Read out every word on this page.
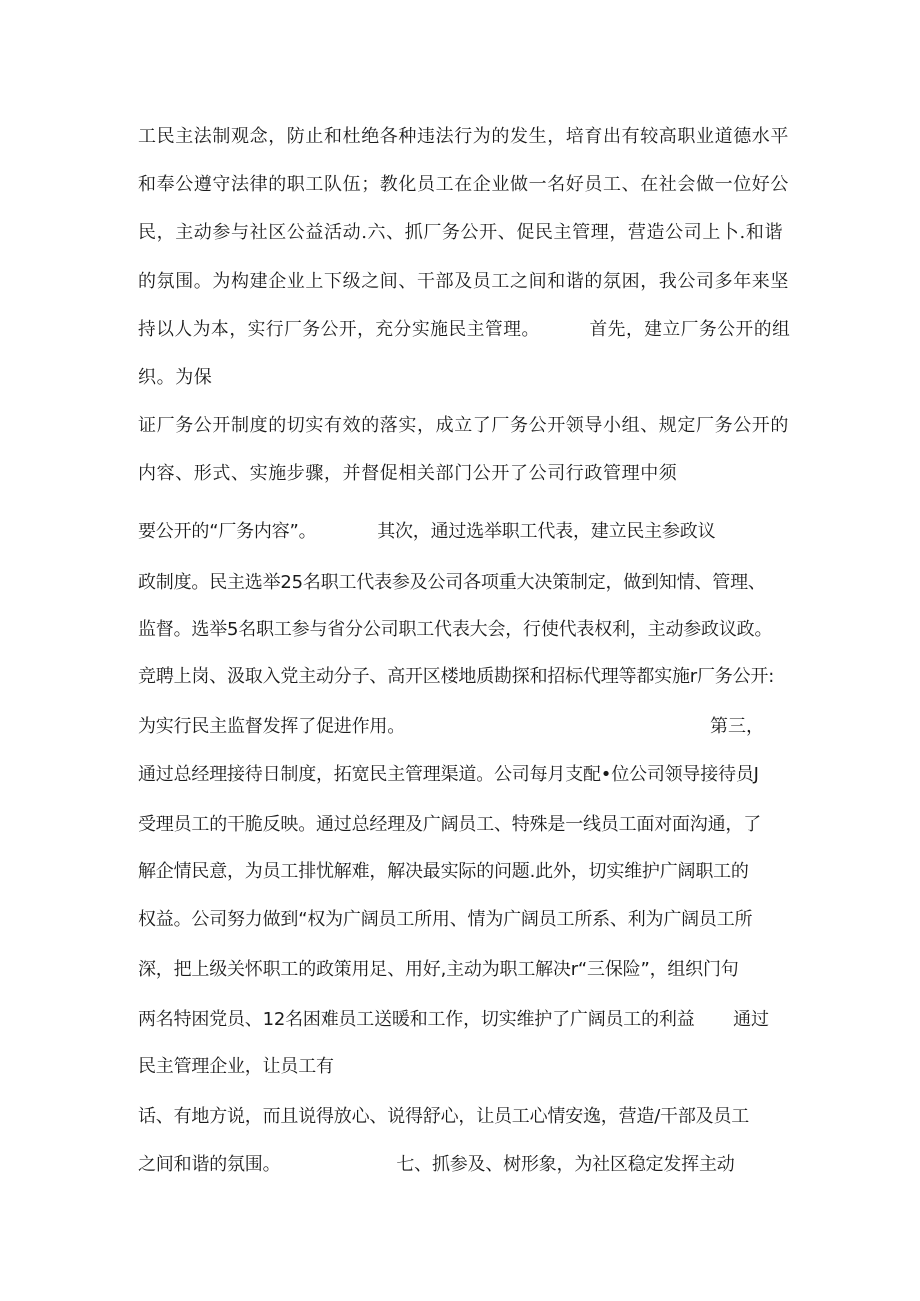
工民主法制观念，防止和杜绝各种违法行为的发生，培育出有较高职业道德水平
和奉公遵守法律的职工队伍；教化员工在企业做一名好员工、在社会做一位好公
民，主动参与社区公益活动.六、抓厂务公开、促民主管理，营造公司上卜.和谐
的氛围。为构建企业上下级之间、干部及员工之间和谐的氛困，我公司多年来坚
持以人为本，实行厂务公开，充分实施民主管理。        首先，建立厂务公开的组
织。为保
证厂务公开制度的切实有效的落实，成立了厂务公开领导小组、规定厂务公开的
内容、形式、实施步骤，并督促相关部门公开了公司行政管理中须
要公开的“厂务内容”。           其次，通过选举职工代表，建立民主参政议
政制度。民主选举25名职工代表参及公司各项重大决策制定，做到知情、管理、
监督。选举5名职工参与省分公司职工代表大会，行使代表权利，主动参政议政。
竞聘上岗、汲取入党主动分子、高开区楼地质勘探和招标代理等都实施r厂务公开:
为实行民主监督发挥了促进作用。	第三，
通过总经理接待日制度，拓宽民主管理渠道。公司每月支配•位公司领导接待员J
受理员工的干脆反映。通过总经理及广阔员工、特殊是一线员工面对面沟通，了
解企情民意，为员工排忧解难，解决最实际的问题.此外，切实维护广阔职工的
权益。公司努力做到“权为广阔员工所用、情为广阔员工所系、利为广阔员工所
深，把上级关怀职工的政策用足、用好,主动为职工解决r“三保险”，组织门句
两名特困党员、12名困难员工送暖和工作，切实维护了广阔员工的利益       通过
民主管理企业，让员工有
话、有地方说，而且说得放心、说得舒心，让员工心情安逸，营造/干部及员工
之间和谐的氛围。                     七、抓参及、树形象，为社区稳定发挥主动
